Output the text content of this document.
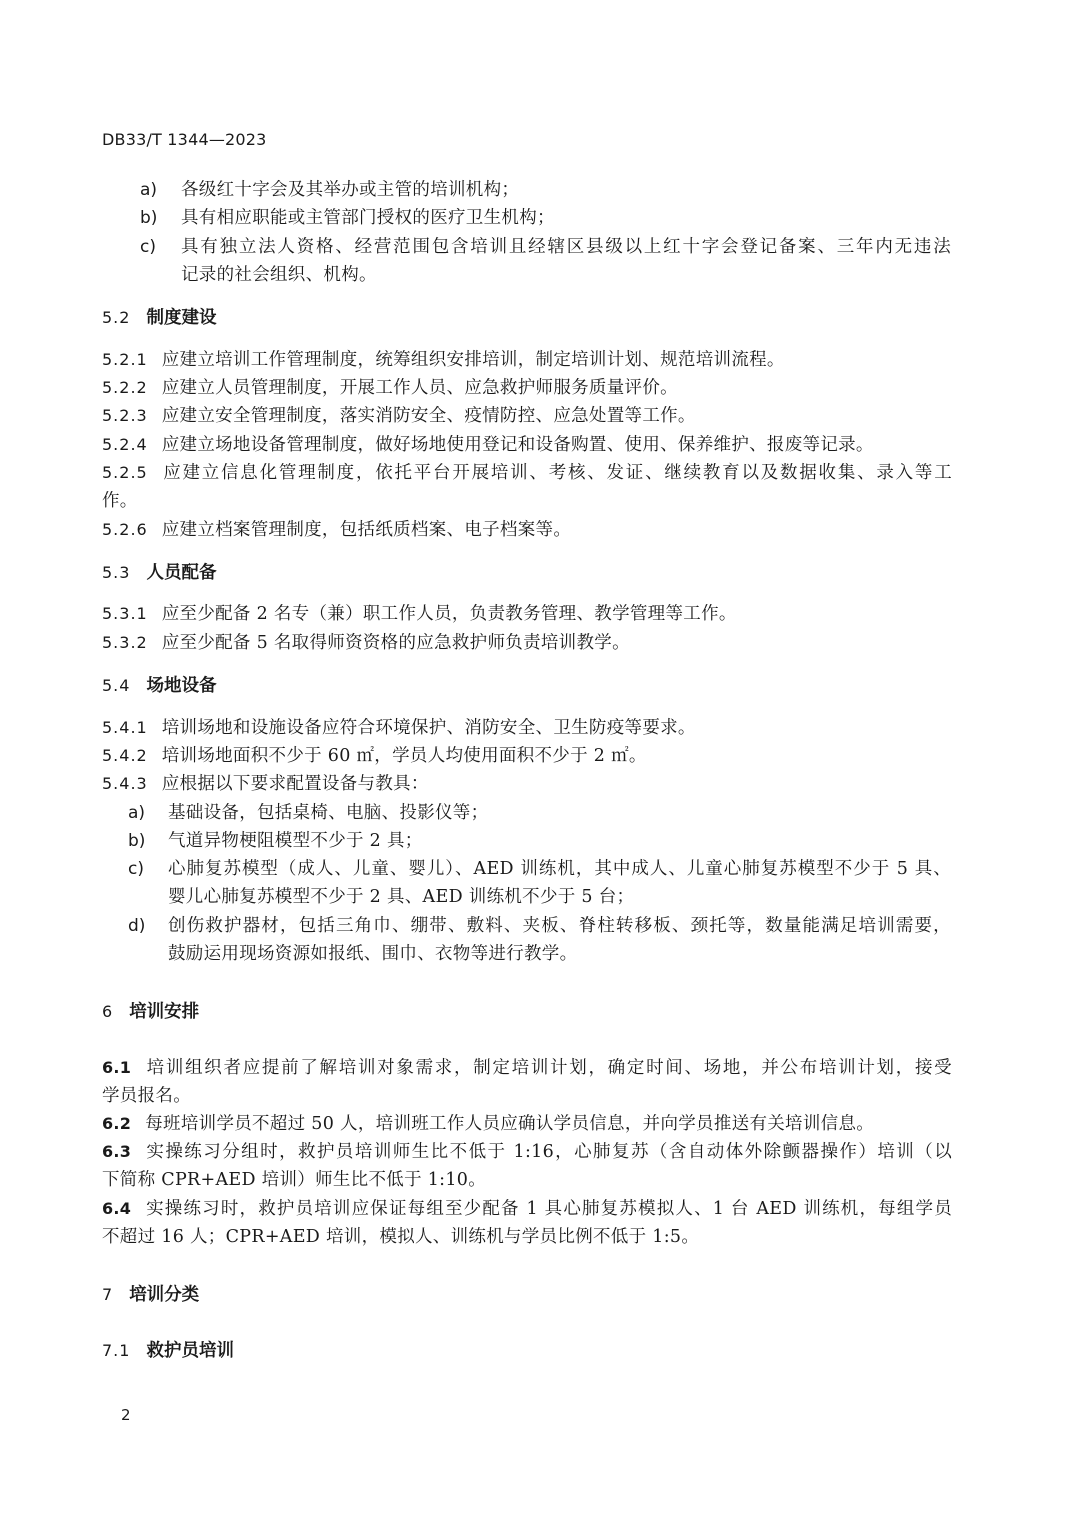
DB33/T 1344—2023
a) 各级红十字会及其举办或主管的培训机构；
b) 具有相应职能或主管部门授权的医疗卫生机构；
c) 具有独立法人资格、经营范围包含培训且经辖区县级以上红十字会登记备案、三年内无违法
记录的社会组织、机构。
5.2 制度建设
5.2.1 应建立培训工作管理制度，统筹组织安排培训，制定培训计划、规范培训流程。
5.2.2 应建立人员管理制度，开展工作人员、应急救护师服务质量评价。
5.2.3 应建立安全管理制度，落实消防安全、疫情防控、应急处置等工作。
5.2.4 应建立场地设备管理制度，做好场地使用登记和设备购置、使用、保养维护、报废等记录。
5.2.5 应建立信息化管理制度，依托平台开展培训、考核、发证、继续教育以及数据收集、录入等工
作。
5.2.6 应建立档案管理制度，包括纸质档案、电子档案等。
5.3 人员配备
5.3.1 应至少配备 2 名专（兼）职工作人员，负责教务管理、教学管理等工作。
5.3.2 应至少配备 5 名取得师资资格的应急救护师负责培训教学。
5.4 场地设备
5.4.1 培训场地和设施设备应符合环境保护、消防安全、卫生防疫等要求。
5.4.2 培训场地面积不少于 60 ㎡，学员人均使用面积不少于 2 ㎡。
5.4.3 应根据以下要求配置设备与教具：
a) 基础设备，包括桌椅、电脑、投影仪等；
b) 气道异物梗阻模型不少于 2 具；
c) 心肺复苏模型（成人、儿童、婴儿）、AED 训练机，其中成人、儿童心肺复苏模型不少于 5 具、
婴儿心肺复苏模型不少于 2 具、AED 训练机不少于 5 台；
d) 创伤救护器材，包括三角巾、绷带、敷料、夹板、脊柱转移板、颈托等，数量能满足培训需要，
鼓励运用现场资源如报纸、围巾、衣物等进行教学。
6 培训安排
6.1 培训组织者应提前了解培训对象需求，制定培训计划，确定时间、场地，并公布培训计划，接受
学员报名。
6.2 每班培训学员不超过 50 人，培训班工作人员应确认学员信息，并向学员推送有关培训信息。
6.3 实操练习分组时，救护员培训师生比不低于 1:16，心肺复苏（含自动体外除颤器操作）培训（以
下简称 CPR+AED 培训）师生比不低于 1:10。
6.4 实操练习时，救护员培训应保证每组至少配备 1 具心肺复苏模拟人、1 台 AED 训练机，每组学员
不超过 16 人；CPR+AED 培训，模拟人、训练机与学员比例不低于 1:5。
7 培训分类
7.1 救护员培训
2
